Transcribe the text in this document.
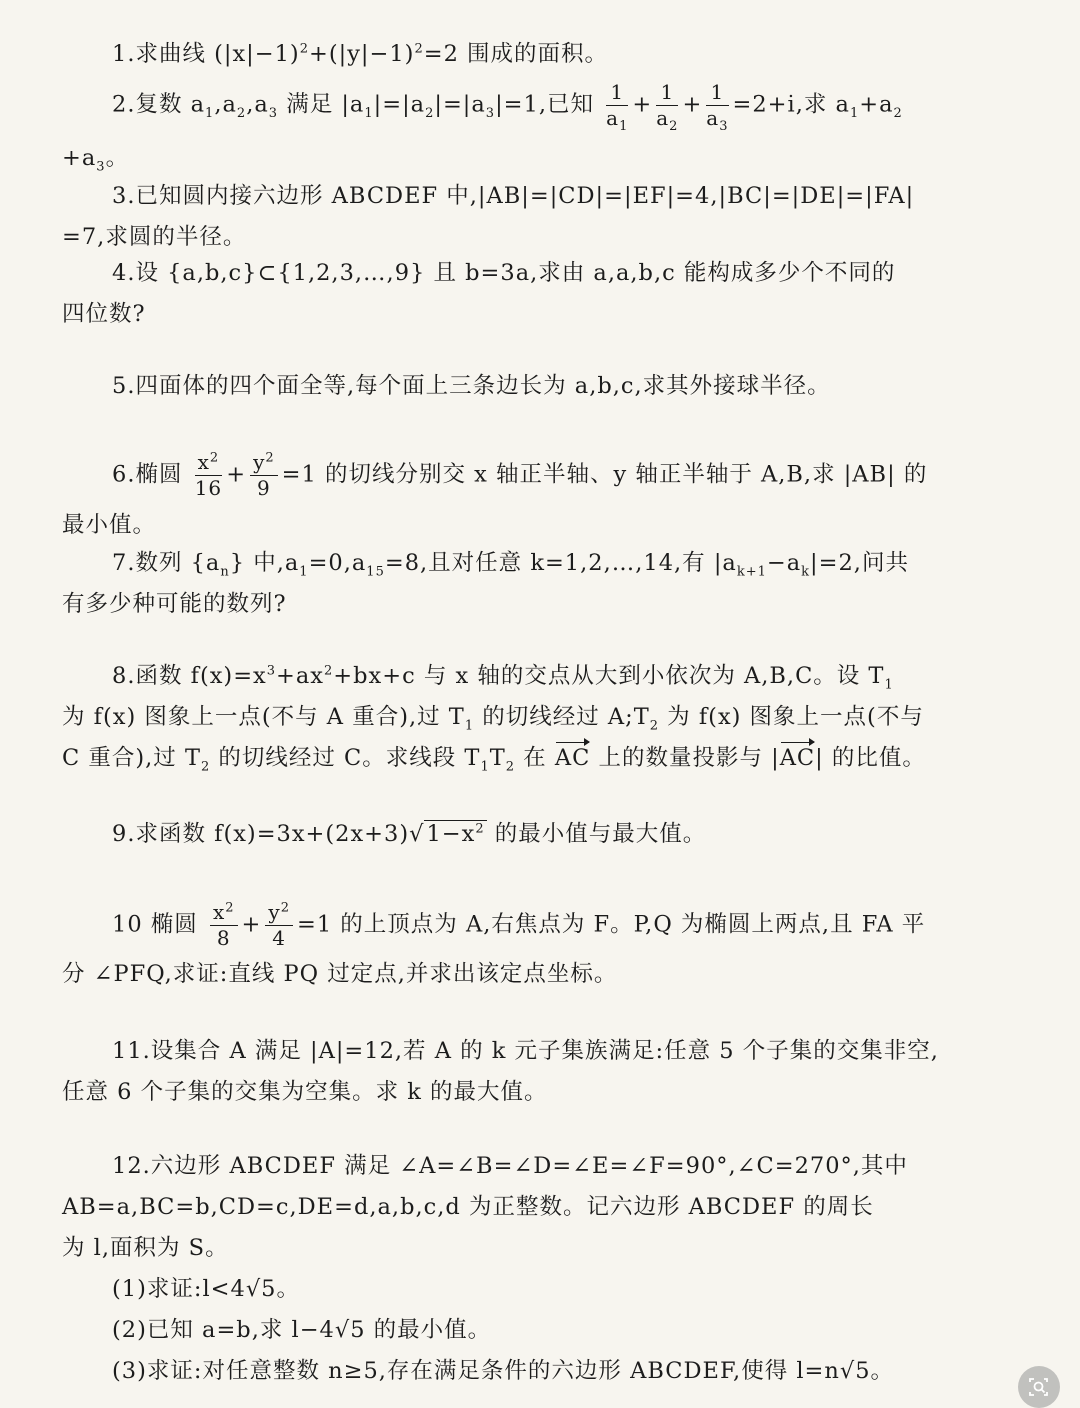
1.求曲线 $(|x|-1)^2+(|y|-1)^2=2$ 围成的面积。
2.复数 $a_1,a_2,a_3$ 满足 $|a_1|=|a_2|=|a_3|=1$,已知 $\frac{1}{a_1} + \frac{1}{a_2} + \frac{1}{a_3} =2+i$,求 $a_1+a_2$
$+a_3$。
3.已知圆内接六边形 ABCDEF 中,|AB|=|CD|=|EF|=4,|BC|=|DE|=|FA|
=7,求圆的半径。
4.设 {a,b,c}⊂{1,2,3,…,9} 且 b=3a,求由 a,a,b,c 能构成多少个不同的
四位数?
5.四面体的四个面全等,每个面上三条边长为 a,b,c,求其外接球半径。
6.椭圆 $\frac{x^2}{16} + \frac{y^2}{9} =1$ 的切线分别交 x 轴正半轴、y 轴正半轴于 A,B,求 |AB| 的
最小值。
7.数列 $\{a_n\}$ 中$,a_1=0,a_{15}=8$,且对任意 k=1,2,…,14,有 $|a_{k+1}-a_k|=2$,问共
有多少种可能的数列?
8.函数 $f(x)=x^3+ax^2+bx+c$ 与 x 轴的交点从大到小依次为 A,B,C。设 $T_1$
为 f(x) 图象上一点(不与 A 重合),过 $T_1$ 的切线经过 $A;T_2$ 为 f(x) 图象上一点(不与
C 重合),过 $T_2$ 的切线经过 C。求线段 $T_1T_2$ 在 AC 上的数量投影与 |AC| 的比值。
9.求函数 $f(x)=3x+(2x+3)√1-x^2$ 的最小值与最大值。
10 椭圆 $\frac{x^2}{8} + \frac{y^2}{4} =1$ 的上顶点为 A,右焦点为 F。P,Q 为椭圆上两点,且 FA 平
分 ∠PFQ,求证:直线 PQ 过定点,并求出该定点坐标。
11.设集合 A 满足 |A|=12,若 A 的 k 元子集族满足:任意 5 个子集的交集非空,
任意 6 个子集的交集为空集。求 k 的最大值。
12.六边形 ABCDEF 满足 ∠A=∠B=∠D=∠E=∠F=90°,∠C=270°,其中
AB=a,BC=b,CD=c,DE=d,a,b,c,d 为正整数。记六边形 ABCDEF 的周长
为 l,面积为 S。
(1)求证:l<4√5。
(2)已知 a=b,求 l−4√5 的最小值。
(3)求证:对任意整数 n≥5,存在满足条件的六边形 ABCDEF,使得 l=n√5。
